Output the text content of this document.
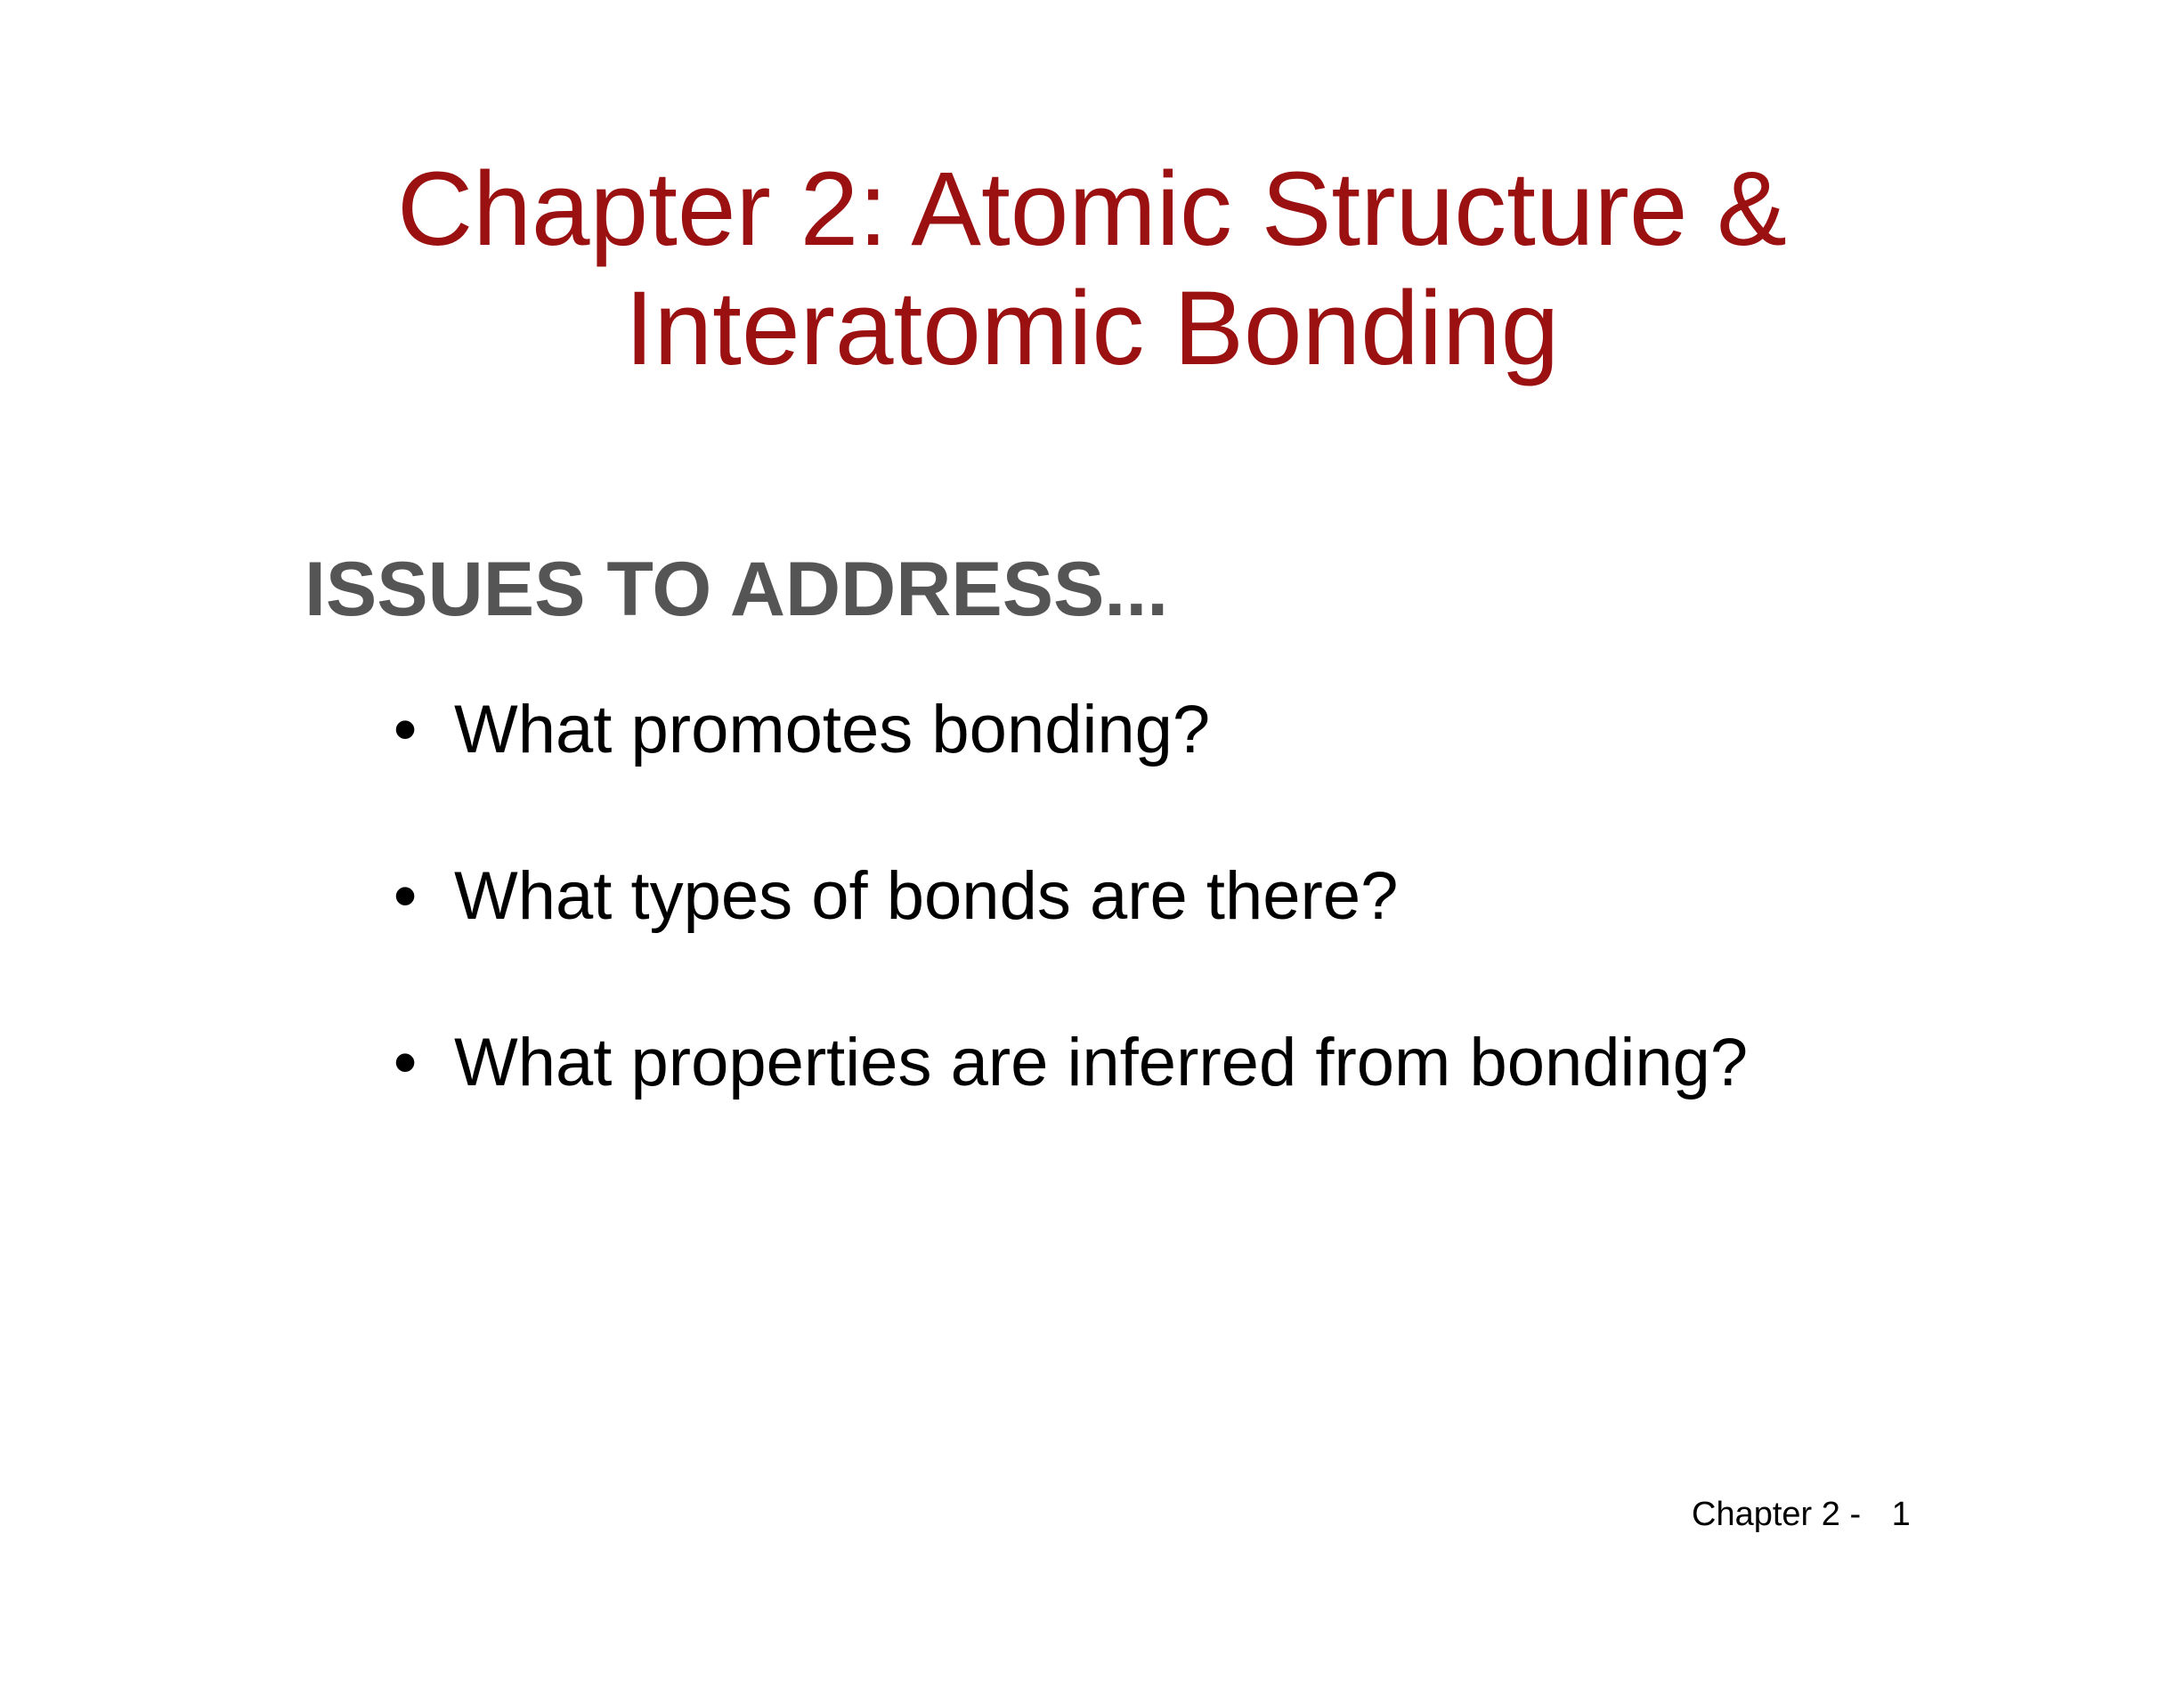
Chapter 2: Atomic Structure &
Interatomic Bonding
ISSUES TO ADDRESS...
• What promotes bonding?
• What types of bonds are there?
• What properties are inferred from bonding?
Chapter 2 - 1
